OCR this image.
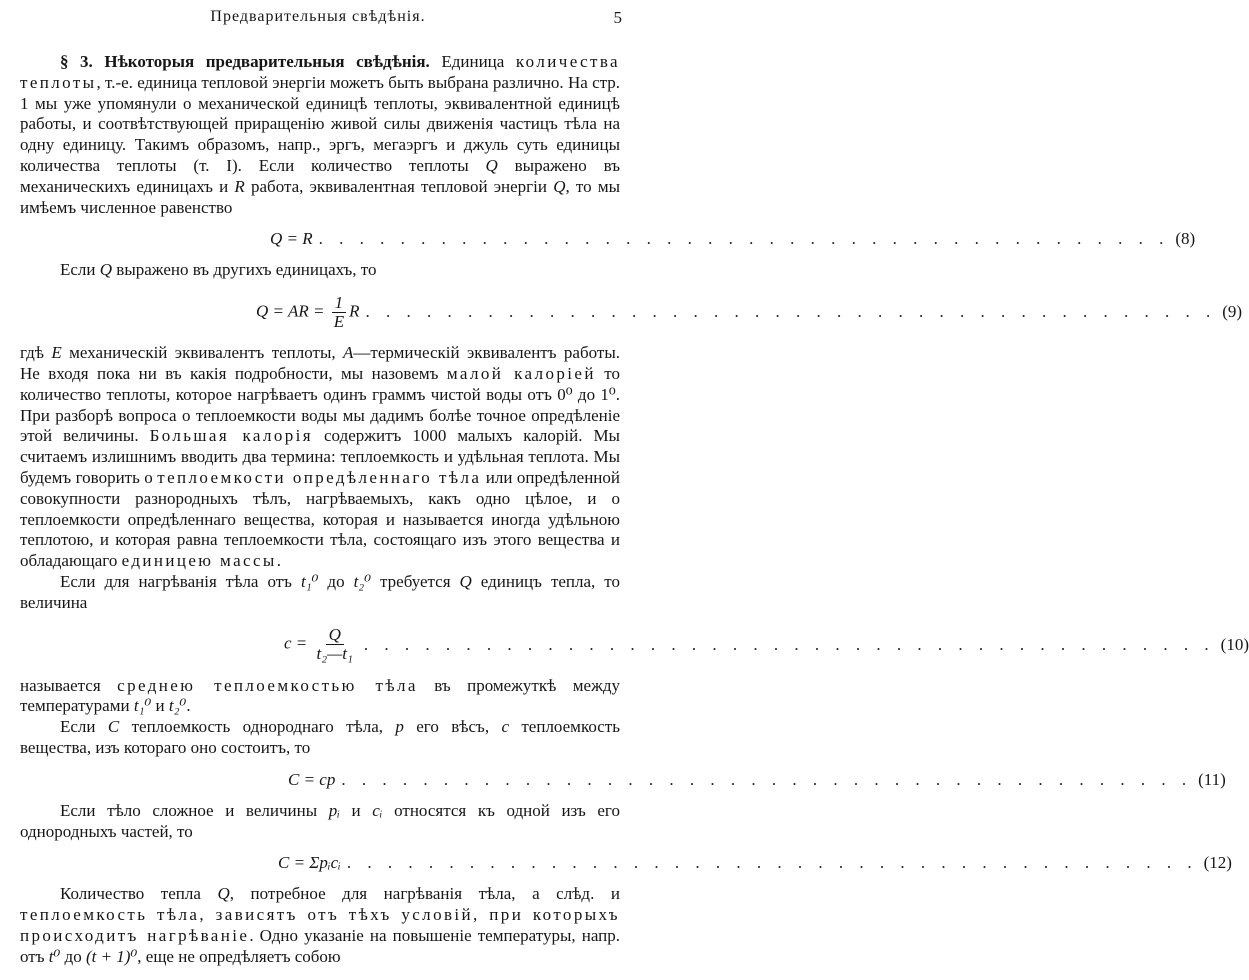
Предварительныя свѣдѣнія.	5

§ 3. Нѣкоторыя предварительныя свѣдѣнія. Единица количества теплоты, т.-е. единица тепловой энергіи можетъ быть выбрана различно. На стр. 1 мы уже упомянули о механической единицѣ теплоты, эквивалентной единицѣ работы, и соотвѣтствующей приращенію живой силы движенія частицъ тѣла на одну единицу. Такимъ образомъ, напр., эргъ, мегаэргъ и джуль суть единицы количества теплоты (т. I). Если количество теплоты Q выражено въ механическихъ единицахъ и R работа, эквивалентная тепловой энергіи Q, то мы имѣемъ численное равенство

Q = R . . . . . . . . . . . . . . . . . . . . . . . . . . . . . . . . . . . . . . . . . . (8)

Если Q выражено въ другихъ единицахъ, то

Q = AR = $\frac{1}{E}$ R . . . . . . . . . . . . . . . . . . . . . . . . . . . . . . . . . . . . . . . . . . (9)

гдѣ E механическій эквивалентъ теплоты, A—термическій эквивалентъ работы. Не входя пока ни въ какія подробности, мы назовемъ малой калоріей то количество теплоты, которое нагрѣваетъ одинъ граммъ чистой воды отъ 0⁰ до 1⁰. При разборѣ вопроса о теплоемкости воды мы дадимъ болѣе точное опредѣленіе этой величины. Большая калорія содержитъ 1000 малыхъ калорій. Мы считаемъ излишнимъ вводить два термина: теплоемкость и удѣльная теплота. Мы будемъ говорить о теплоемкости опредѣленнаго тѣла или опредѣленной совокупности разнородныхъ тѣлъ, нагрѣваемыхъ, какъ одно цѣлое, и о теплоемкости опредѣленнаго вещества, которая и называется иногда удѣльною теплотою, и которая равна теплоемкости тѣла, состоящаго изъ этого вещества и обладающаго единицею массы.

Если для нагрѣванія тѣла отъ t₁⁰ до t₂⁰ требуется Q единицъ тепла, то величина

$c = \frac{Q}{\text{t₂—t₁}}$ . . . . . . . . . . . . . . . . . . . . . . . . . . . . . . . . . . . . . . . . . . (10)

называется среднею теплоемкостью тѣла въ промежуткѣ между температурами t₁⁰ и t₂⁰.

Если C теплоемкость однороднаго тѣла, p его вѣсъ, c теплоемкость вещества, изъ котораго оно состоитъ, то

C = cp . . . . . . . . . . . . . . . . . . . . . . . . . . . . . . . . . . . . . . . . . . (11)

Если тѣло сложное и величины pᵢ и cᵢ относятся къ одной изъ его однородныхъ частей, то

C = Σpᵢcᵢ . . . . . . . . . . . . . . . . . . . . . . . . . . . . . . . . . . . . . . . . . . (12)

Количество тепла Q, потребное для нагрѣванія тѣла, а слѣд. и теплоемкость тѣла, зависятъ отъ тѣхъ условій, при которыхъ происходитъ нагрѣваніе. Одно указаніе на повышеніе температуры, напр. отъ t⁰ до (t + 1)⁰, еще не опредѣляетъ собою
